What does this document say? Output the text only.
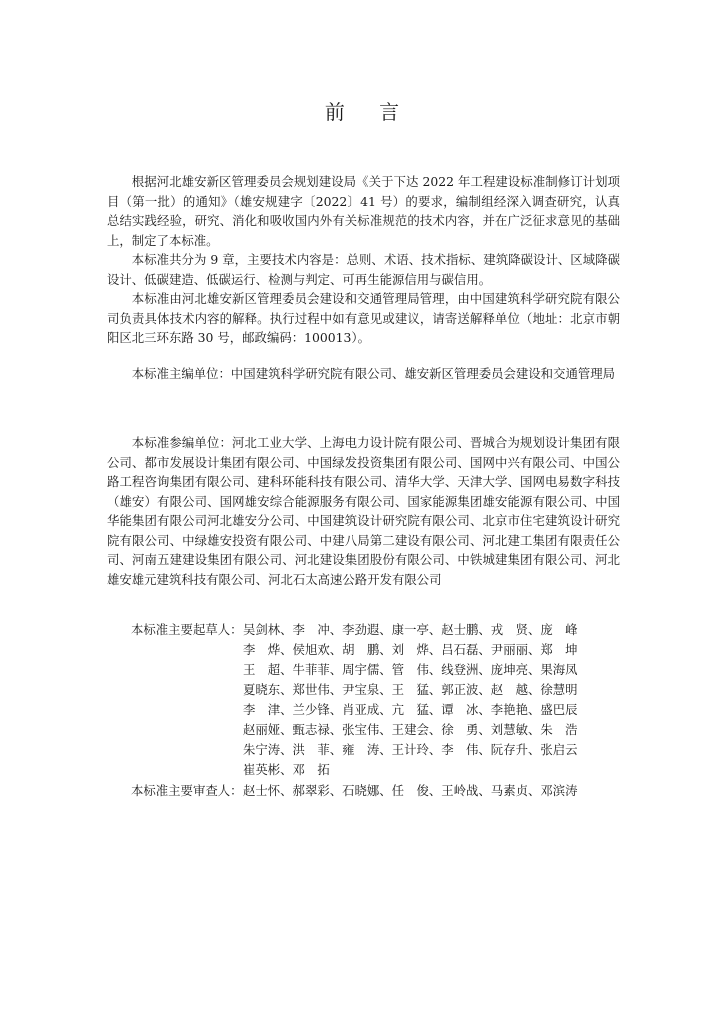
前 言

根据河北雄安新区管理委员会规划建设局《关于下达 2022 年工程建设标准制修订计划项目（第一批）的通知》（雄安规建字〔2022〕41 号）的要求，编制组经深入调查研究，认真总结实践经验，研究、消化和吸收国内外有关标准规范的技术内容，并在广泛征求意见的基础上，制定了本标准。

本标准共分为 9 章，主要技术内容是：总则、术语、技术指标、建筑降碳设计、区域降碳设计、低碳建造、低碳运行、检测与判定、可再生能源信用与碳信用。

本标准由河北雄安新区管理委员会建设和交通管理局管理，由中国建筑科学研究院有限公司负责具体技术内容的解释。执行过程中如有意见或建议，请寄送解释单位（地址：北京市朝阳区北三环东路 30 号，邮政编码：100013）。

本标准主编单位：中国建筑科学研究院有限公司、雄安新区管理委员会建设和交通管理局

本标准参编单位：河北工业大学、上海电力设计院有限公司、晋城合为规划设计集团有限公司、都市发展设计集团有限公司、中国绿发投资集团有限公司、国网中兴有限公司、中国公路工程咨询集团有限公司、建科环能科技有限公司、清华大学、天津大学、国网电易数字科技（雄安）有限公司、国网雄安综合能源服务有限公司、国家能源集团雄安能源有限公司、中国华能集团有限公司河北雄安分公司、中国建筑设计研究院有限公司、北京市住宅建筑设计研究院有限公司、中绿雄安投资有限公司、中建八局第二建设有限公司、河北建工集团有限责任公司、河南五建建设集团有限公司、河北建设集团股份有限公司、中铁城建集团有限公司、河北雄安雄元建筑科技有限公司、河北石太高速公路开发有限公司

本标准主要起草人： 吴剑林、李　冲、李劲遐、康一亭、赵士鹏、戎　贤、庞　峰
李　烨、侯旭欢、胡　鹏、刘　烨、吕石磊、尹丽丽、郑　坤
王　超、牛菲菲、周宇儒、管　伟、线登洲、庞坤亮、果海凤
夏晓东、郑世伟、尹宝泉、王　猛、郭正波、赵　越、徐慧明
李　津、兰少锋、肖亚成、亢　猛、谭　冰、李艳艳、盛巴辰
赵丽娅、甄志禄、张宝伟、王建会、徐　勇、刘慧敏、朱　浩
朱宁涛、洪　菲、雍　涛、王计玲、李　伟、阮存升、张启云
崔英彬、邓　拓
本标准主要审查人： 赵士怀、郝翠彩、石晓娜、任　俊、王岭战、马素贞、邓滨涛
